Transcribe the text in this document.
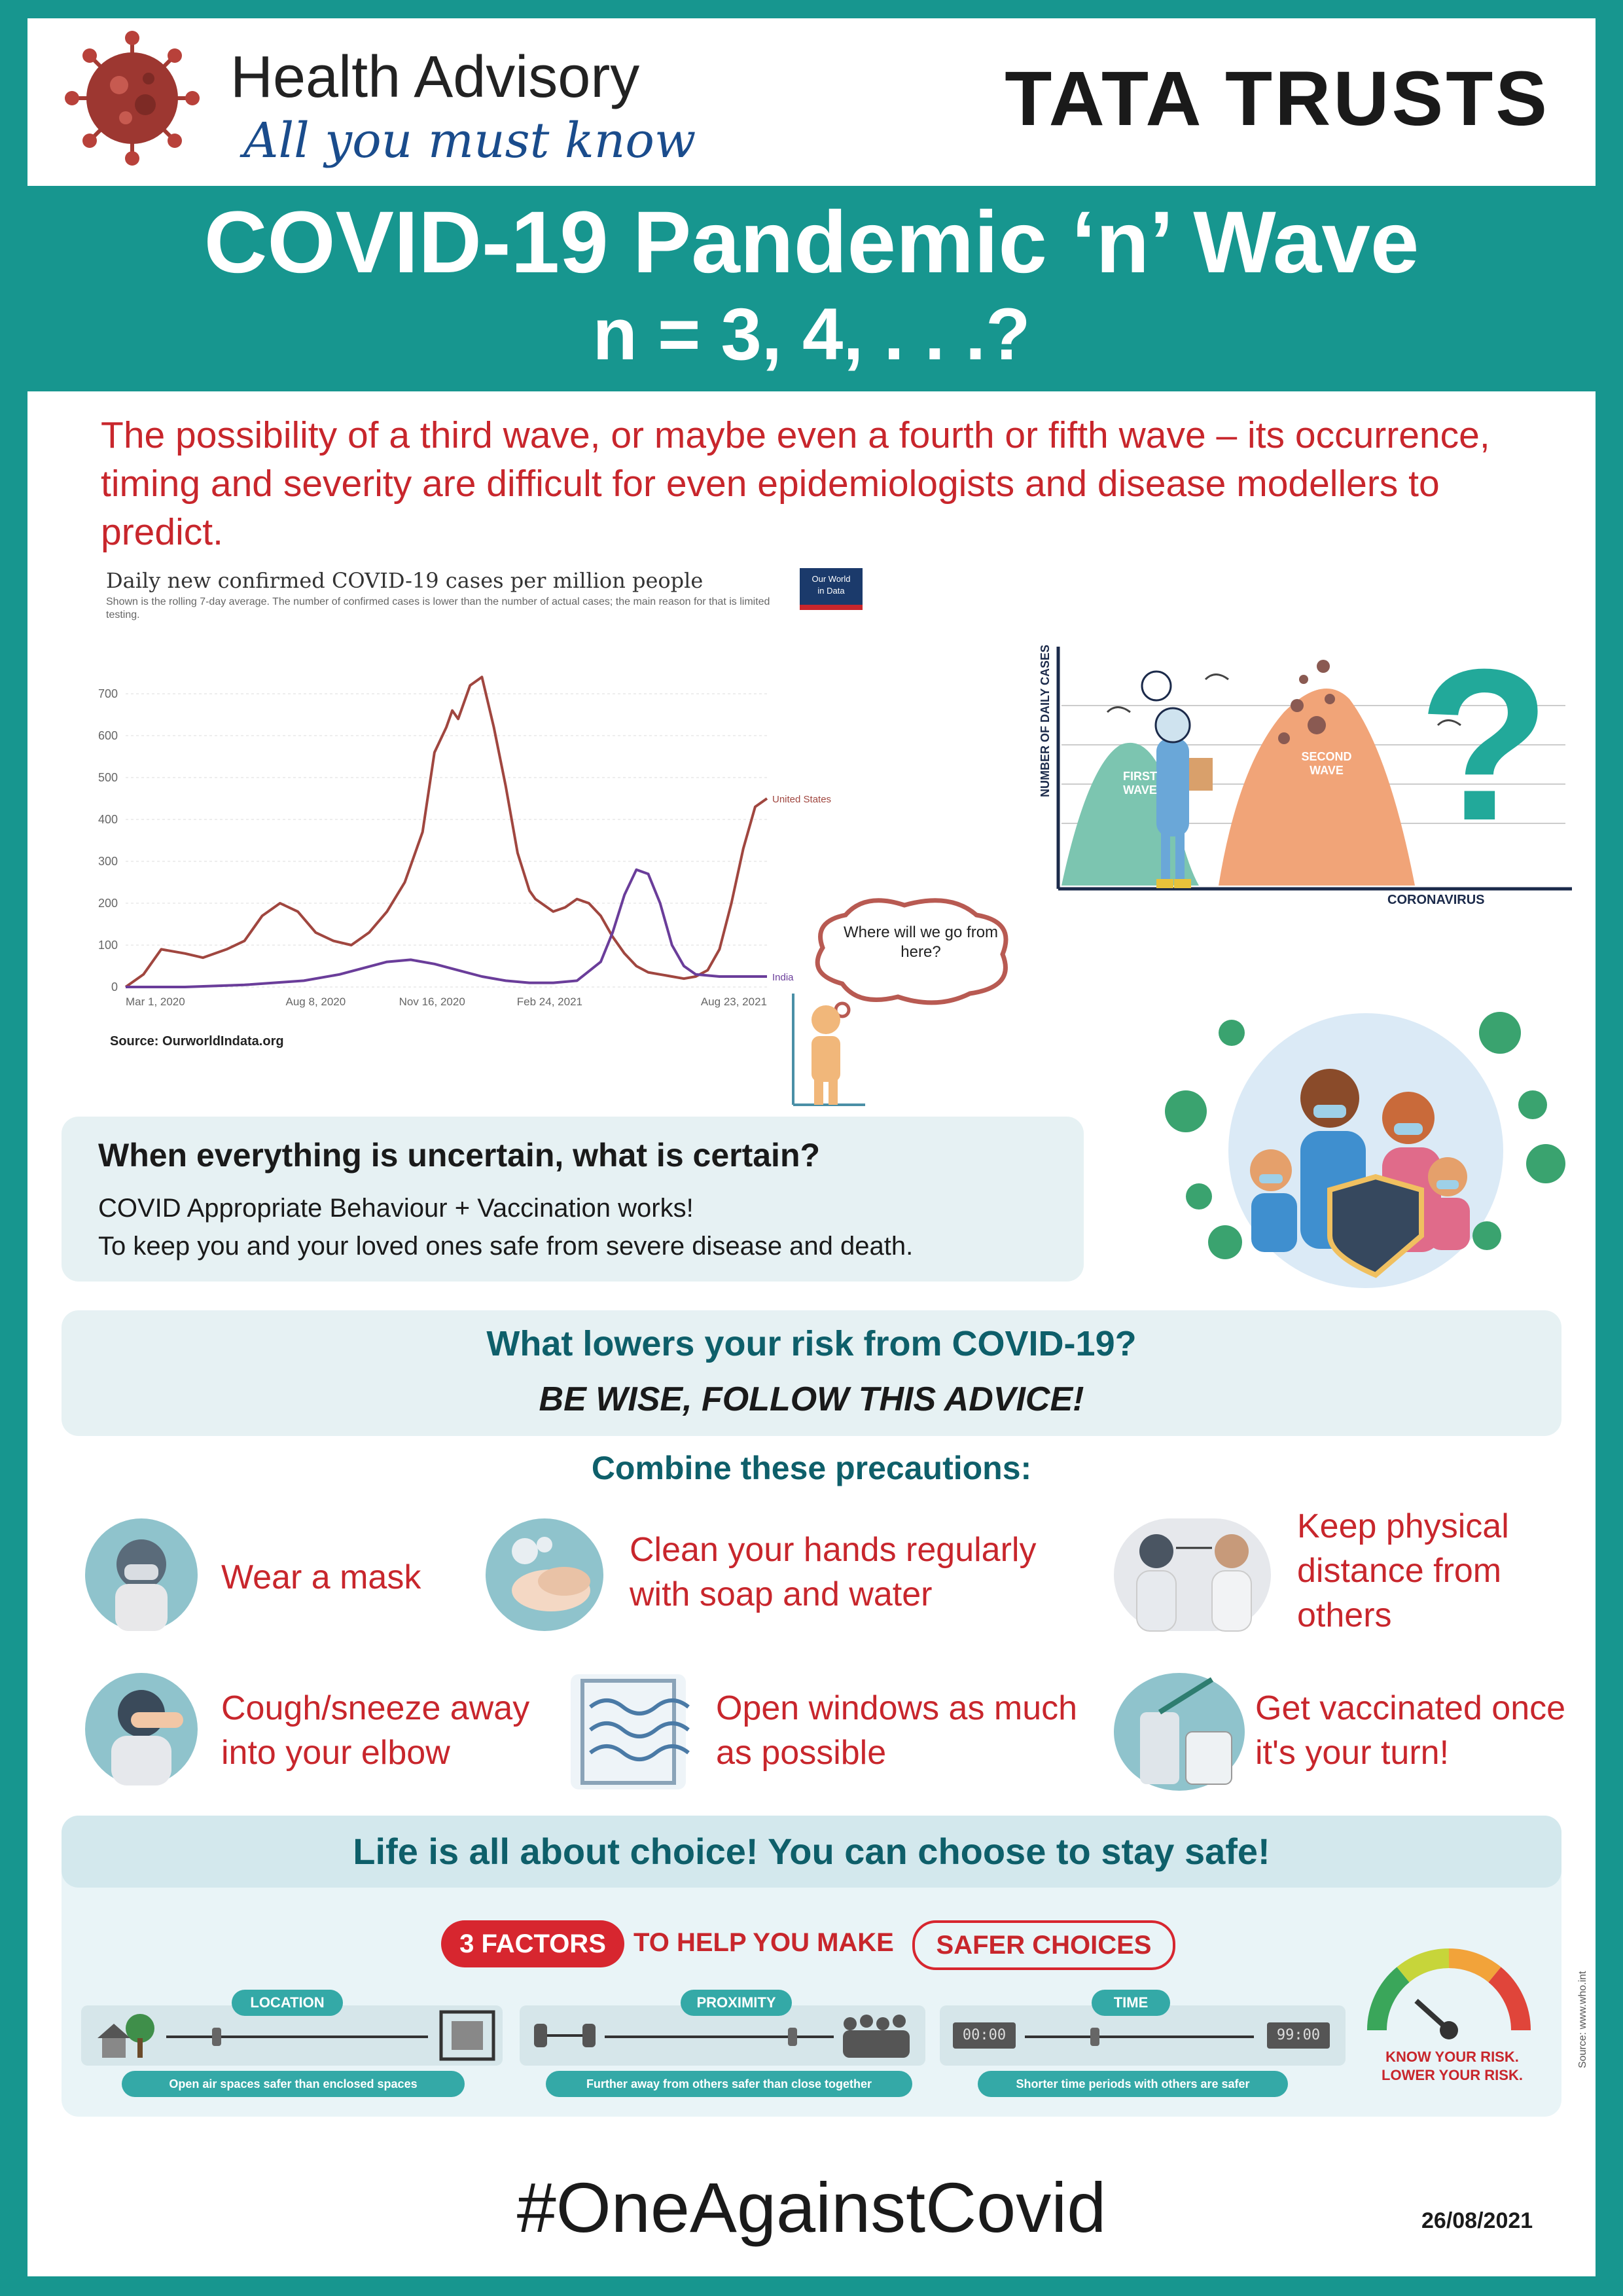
Health Advisory
All you must know	TATA TRUSTS
COVID-19 Pandemic ‘n’ Wave
n = 3, 4, . . .?
The possibility of a third wave, or maybe even a fourth or fifth wave – its occurrence, timing and severity are difficult for even epidemiologists and disease modellers to predict.
Daily new confirmed COVID-19 cases per million people
Shown is the rolling 7-day average. The number of confirmed cases is lower than the number of actual cases; the main reason for that is limited testing.
Our World
in Data
0
100
200
300
400
500
600
700
Mar 1, 2020	Aug 8, 2020	Nov 16, 2020	Feb 24, 2021	Aug 23, 2021
United States
India
Source: OurworldIndata.org
Where will we go from here?
NUMBER OF DAILY CASES
CORONAVIRUS
FIRST WAVE
SECOND WAVE ?
When everything is uncertain, what is certain?
COVID Appropriate Behaviour + Vaccination works!
To keep you and your loved ones safe from severe disease and death.
What lowers your risk from COVID-19?
BE WISE, FOLLOW THIS ADVICE!
Combine these precautions:
Wear a mask
Clean your hands regularly with soap and water
Keep physical distance from others
Cough/sneeze away into your elbow
Open windows as much as possible
Get vaccinated once it's your turn!
Life is all about choice! You can choose to stay safe!
3 FACTORS	TO HELP YOU MAKE	SAFER CHOICES
LOCATION
Open air spaces safer than enclosed spaces
PROXIMITY
Further away from others safer than close together
00:00	99:00
TIME
Shorter time periods with others are safer
KNOW YOUR RISK.
LOWER YOUR RISK.
Source: www.who.int
#OneAgainstCovid	26/08/2021
